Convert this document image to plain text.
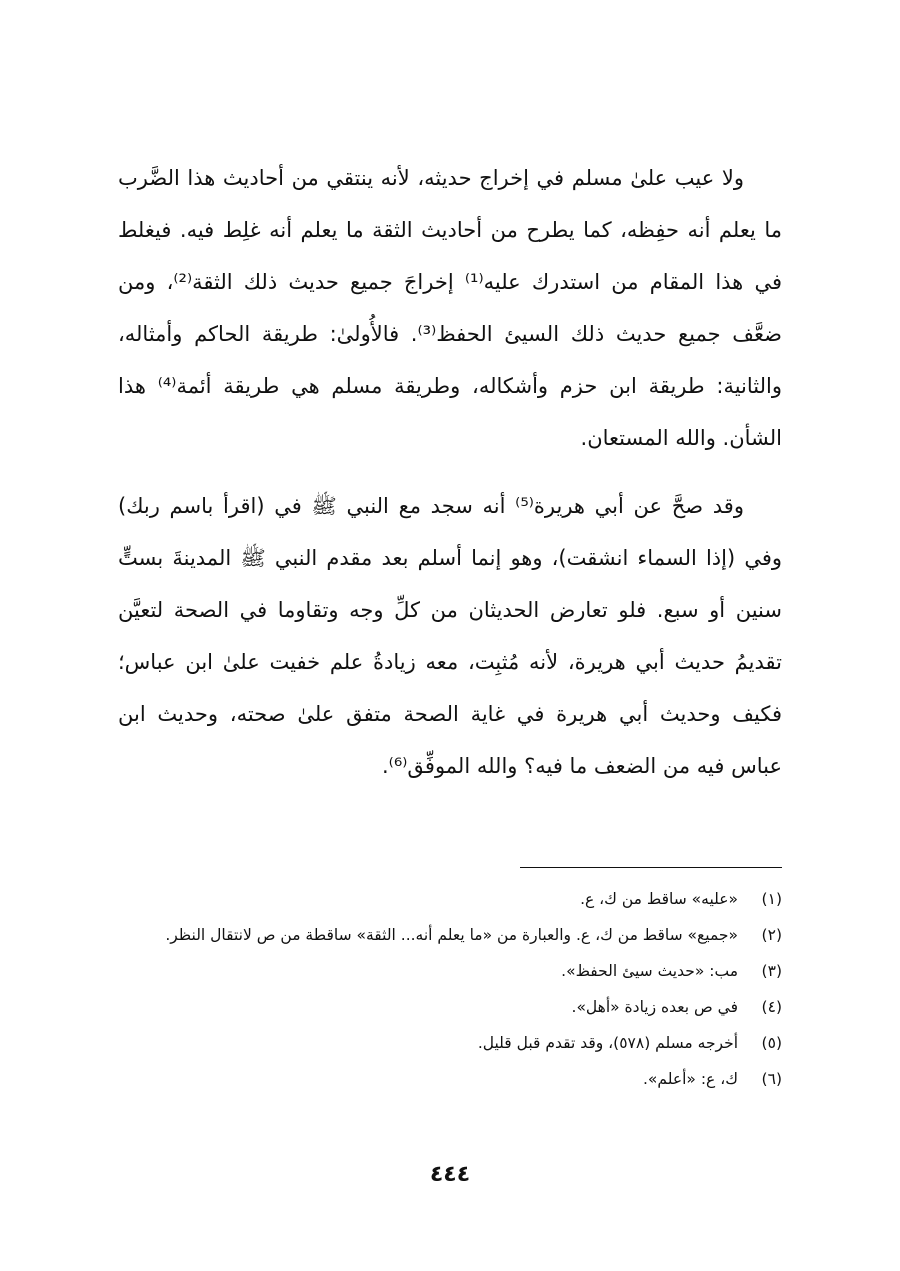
ولا عيب علىٰ مسلم في إخراج حديثه، لأنه ينتقي من أحاديث هذا الضَّرب ما يعلم أنه حفِظه، كما يطرح من أحاديث الثقة ما يعلم أنه غلِط فيه. فيغلط في هذا المقام من استدرك عليه⁽¹⁾ إخراجَ جميع حديث ذلك الثقة⁽²⁾، ومن ضعَّف جميع حديث ذلك السيئ الحفظ⁽³⁾. فالأُولىٰ: طريقة الحاكم وأمثاله، والثانية: طريقة ابن حزم وأشكاله، وطريقة مسلم هي طريقة أئمة⁽⁴⁾ هذا الشأن. والله المستعان.

وقد صحَّ عن أبي هريرة⁽⁵⁾ أنه سجد مع النبي ﷺ في (اقرأ باسم ربك) وفي (إذا السماء انشقت)، وهو إنما أسلم بعد مقدم النبي ﷺ المدينةَ بستٍّ سنين أو سبع. فلو تعارض الحديثان من كلِّ وجه وتقاوما في الصحة لتعيَّن تقديمُ حديث أبي هريرة، لأنه مُثبِت، معه زيادةُ علم خفيت علىٰ ابن عباس؛ فكيف وحديث أبي هريرة في غاية الصحة متفق علىٰ صحته، وحديث ابن عباس فيه من الضعف ما فيه؟ والله الموفِّق⁽⁶⁾.

(١)
«عليه» ساقط من ك، ع.
(٢)
«جميع» ساقط من ك، ع. والعبارة من «ما يعلم أنه... الثقة» ساقطة من ص لانتقال النظر.
(٣)
مب: «حديث سيئ الحفظ».
(٤)
في ص بعده زيادة «أهل».
(٥)
أخرجه مسلم (٥٧٨)، وقد تقدم قبل قليل.
(٦)
ك، ع: «أعلم».
٤٤٤
